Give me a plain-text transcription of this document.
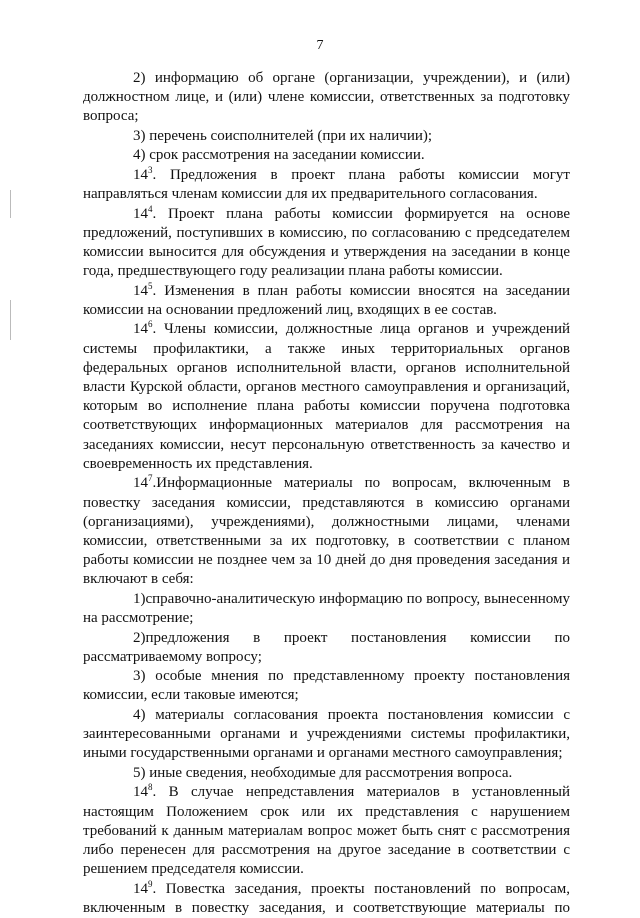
7

2) информацию об органе (организации, учреждении), и (или) должностном лице, и (или) члене комиссии, ответственных за подготовку вопроса;

3) перечень соисполнителей (при их наличии);

4) срок рассмотрения на заседании комиссии.

$14^3$. Предложения в проект плана работы комиссии могут направляться членам комиссии для их предварительного согласования.

$14^4$. Проект плана работы комиссии формируется на основе предложений, поступивших в комиссию, по согласованию с председателем комиссии выносится для обсуждения и утверждения на заседании в конце года, предшествующего году реализации плана работы комиссии.

$14^5$. Изменения в план работы комиссии вносятся на заседании комиссии на основании предложений лиц, входящих в ее состав.

$14^6$. Члены комиссии, должностные лица органов и учреждений системы профилактики, а также иных территориальных органов федеральных органов исполнительной власти, органов исполнительной власти Курской области, органов местного самоуправления и организаций, которым во исполнение плана работы комиссии поручена подготовка соответствующих информационных материалов для рассмотрения на заседаниях комиссии, несут персональную ответственность за качество и своевременность их представления.

$14^7.Информационные$ материалы по вопросам, включенным в повестку заседания комиссии, представляются в комиссию органами (организациями), учреждениями), должностными лицами, членами комиссии, ответственными за их подготовку, в соответствии с планом работы комиссии не позднее чем за 10 дней до дня проведения заседания и включают в себя:

1)справочно-аналитическую информацию по вопросу, вынесенному на рассмотрение;

2)предложения в проект постановления комиссии по рассматриваемому вопросу;

3) особые мнения по представленному проекту постановления комиссии, если таковые имеются;

4) материалы согласования проекта постановления комиссии с заинтересованными органами и учреждениями системы профилактики, иными государственными органами и органами местного самоуправления;

5) иные сведения, необходимые для рассмотрения вопроса.

$14^8$. В случае непредставления материалов в установленный настоящим Положением срок или их представления с нарушением требований к данным материалам вопрос может быть снят с рассмотрения либо перенесен для рассмотрения на другое заседание в соответствии с решением председателя комиссии.

$14^9$. Повестка заседания, проекты постановлений по вопросам, включенным в повестку заседания, и соответствующие материалы по
